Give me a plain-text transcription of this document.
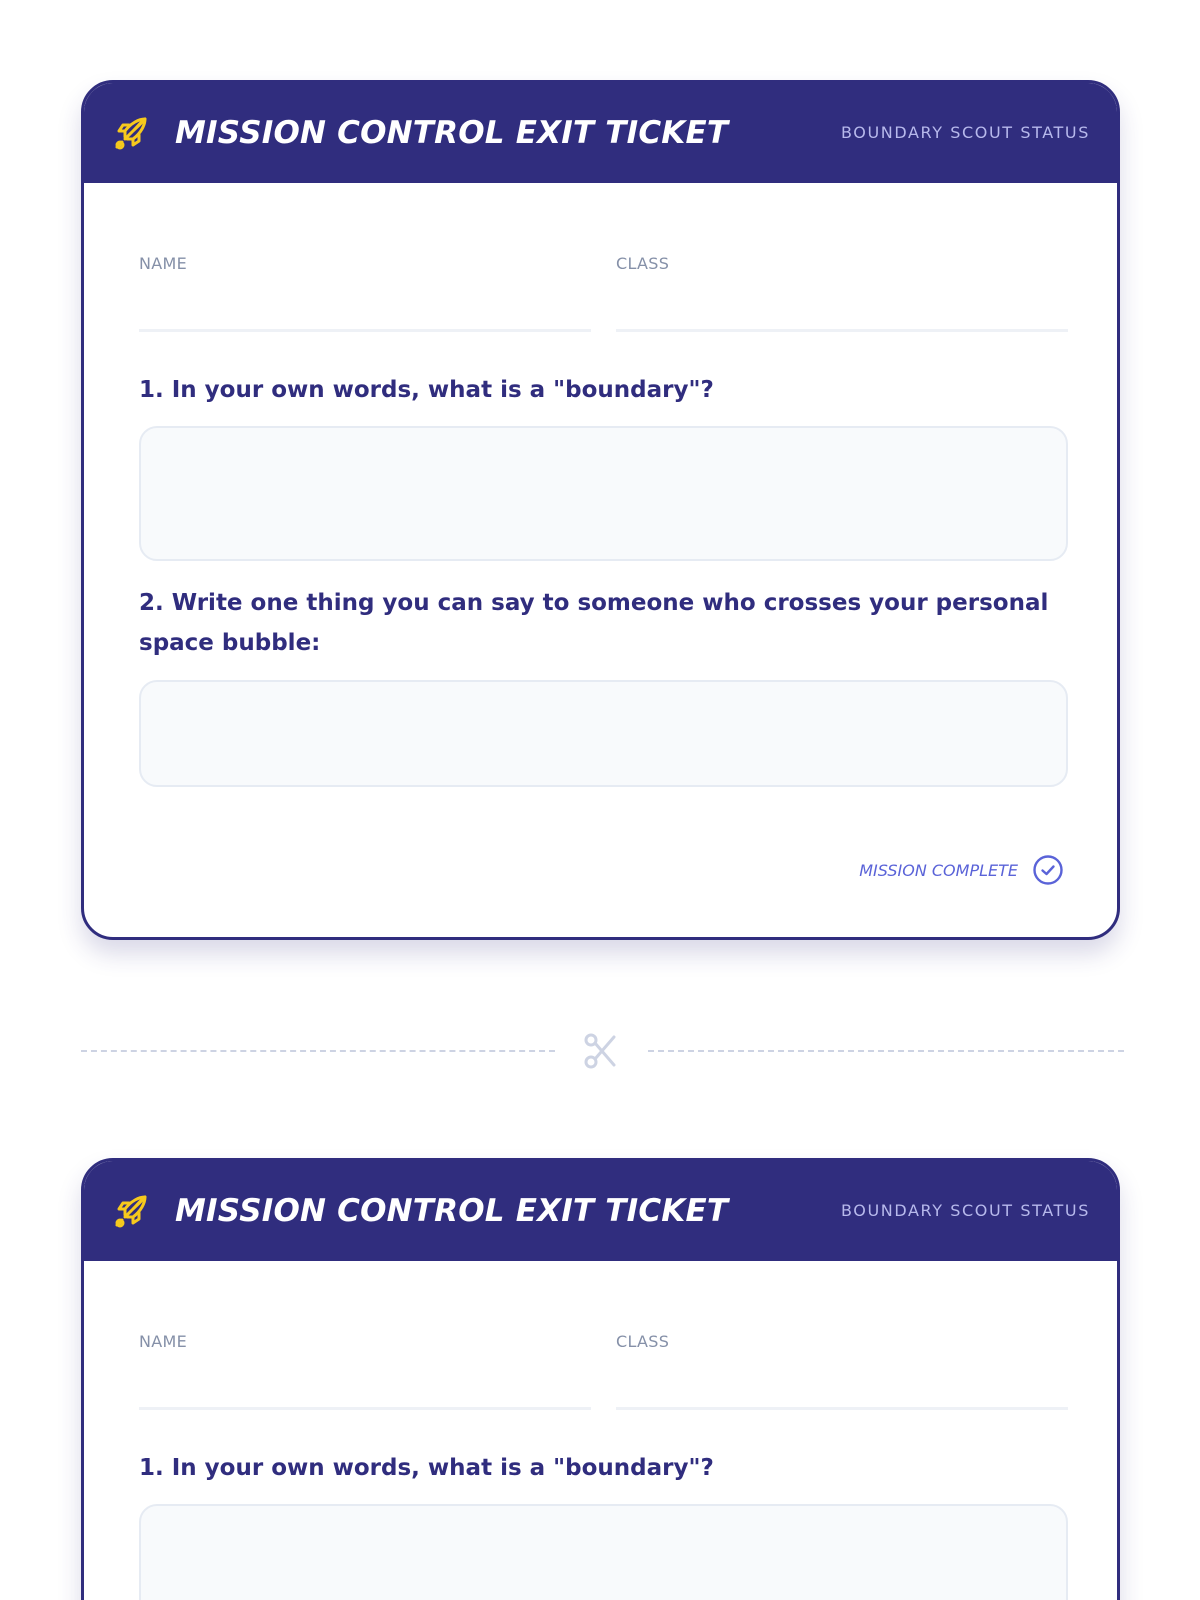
MISSION CONTROL EXIT TICKET	BOUNDARY SCOUT STATUS
NAME	CLASS
1. In your own words, what is a "boundary"?
2. Write one thing you can say to someone who crosses your personal space bubble:
MISSION COMPLETE
MISSION CONTROL EXIT TICKET	BOUNDARY SCOUT STATUS
NAME	CLASS
1. In your own words, what is a "boundary"?
